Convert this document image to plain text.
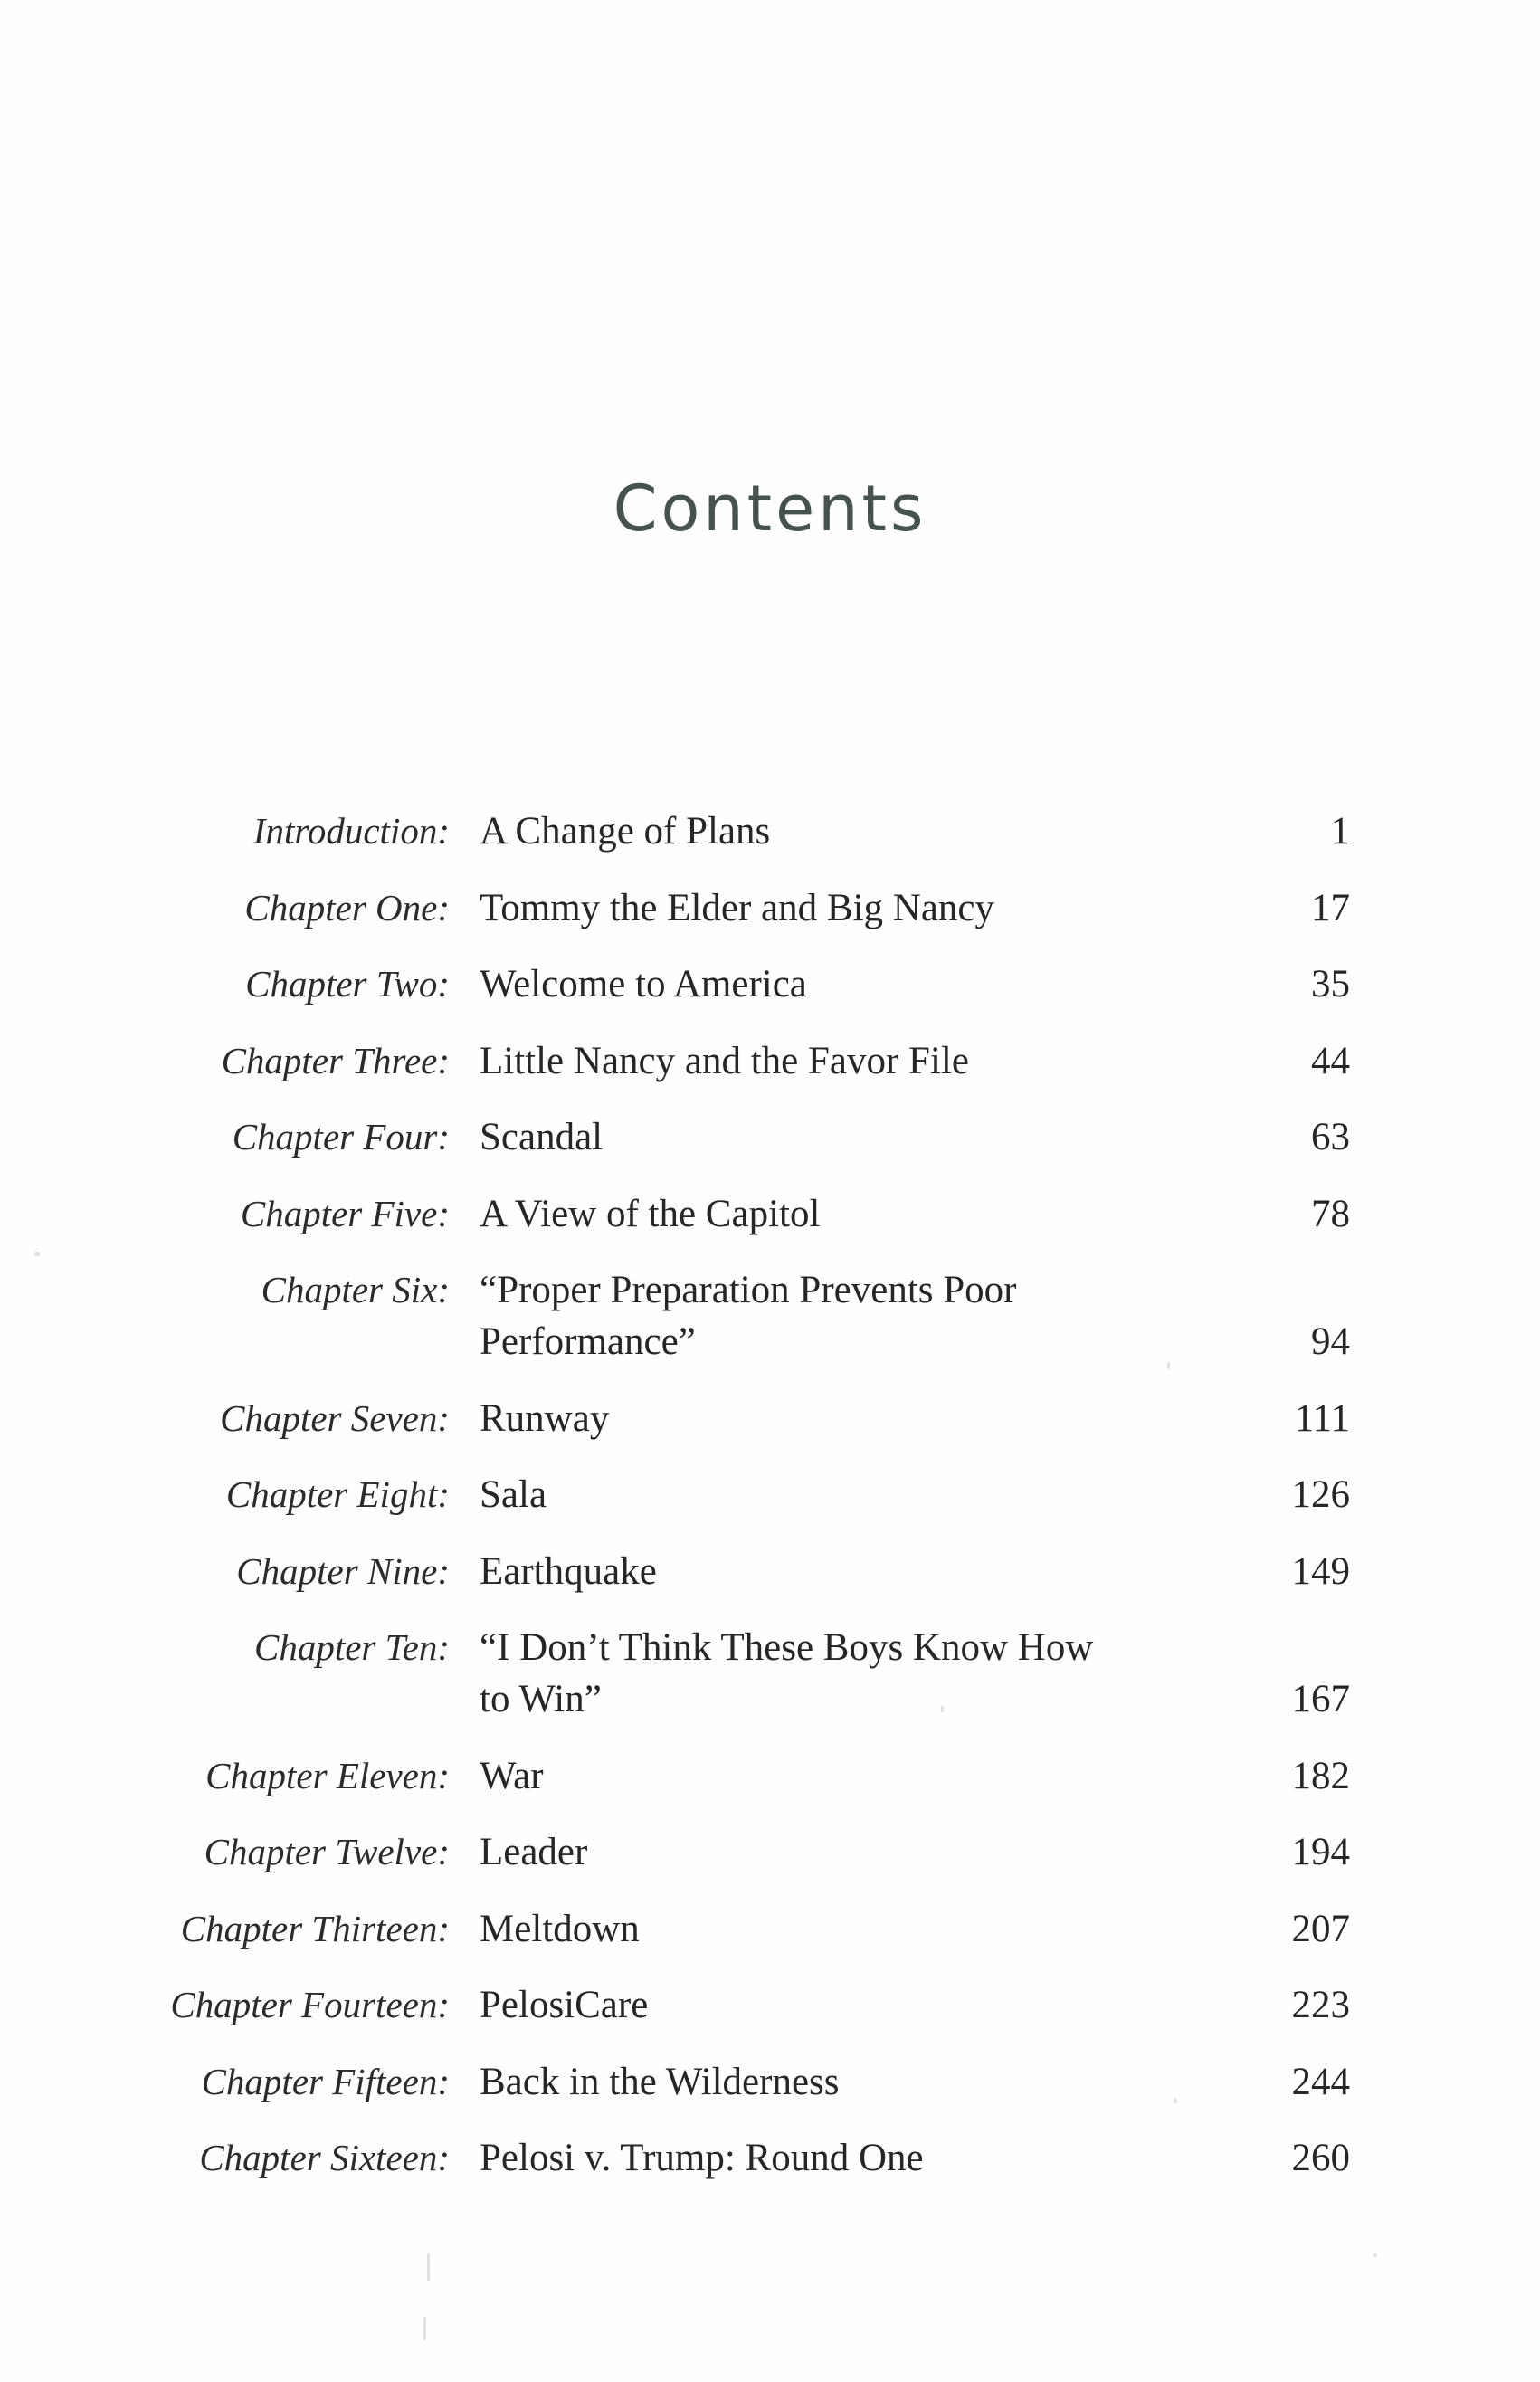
Contents
Introduction: A Change of Plans	1
Chapter One: Tommy the Elder and Big Nancy	17
Chapter Two: Welcome to America	35
Chapter Three: Little Nancy and the Favor File	44
Chapter Four: Scandal	63
Chapter Five: A View of the Capitol	78
Chapter Six: “Proper Preparation Prevents Poor
Performance”	94
Chapter Seven: Runway	111
Chapter Eight: Sala	126
Chapter Nine: Earthquake	149
Chapter Ten: “I Don’t Think These Boys Know How
to Win”	167
Chapter Eleven: War	182
Chapter Twelve: Leader	194
Chapter Thirteen: Meltdown	207
Chapter Fourteen: PelosiCare	223
Chapter Fifteen: Back in the Wilderness	244
Chapter Sixteen: Pelosi v. Trump: Round One	260
